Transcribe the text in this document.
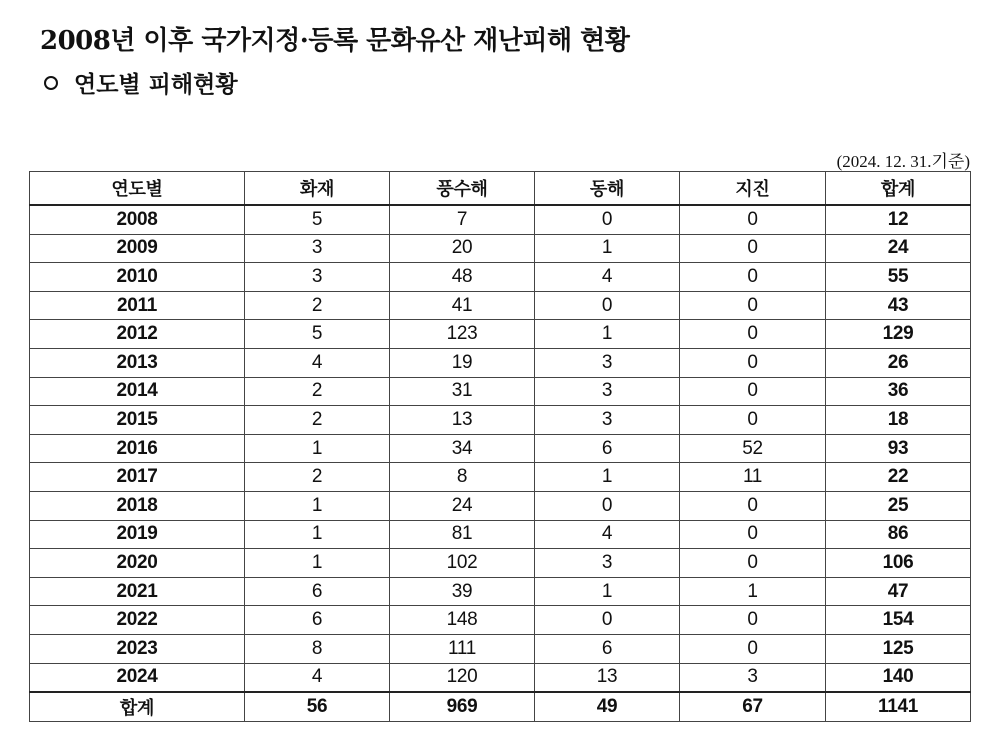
2008년 이후 국가지정·등록 문화유산 재난피해 현황
연도별 피해현황
(2024. 12. 31.기준)
연도별	화재	풍수해	동해	지진	합계
2008	5	7	0	0	12
2009	3	20	1	0	24
2010	3	48	4	0	55
2011	2	41	0	0	43
2012	5	123	1	0	129
2013	4	19	3	0	26
2014	2	31	3	0	36
2015	2	13	3	0	18
2016	1	34	6	52	93
2017	2	8	1	11	22
2018	1	24	0	0	25
2019	1	81	4	0	86
2020	1	102	3	0	106
2021	6	39	1	1	47
2022	6	148	0	0	154
2023	8	111	6	0	125
2024	4	120	13	3	140
합계	56	969	49	67	1141
